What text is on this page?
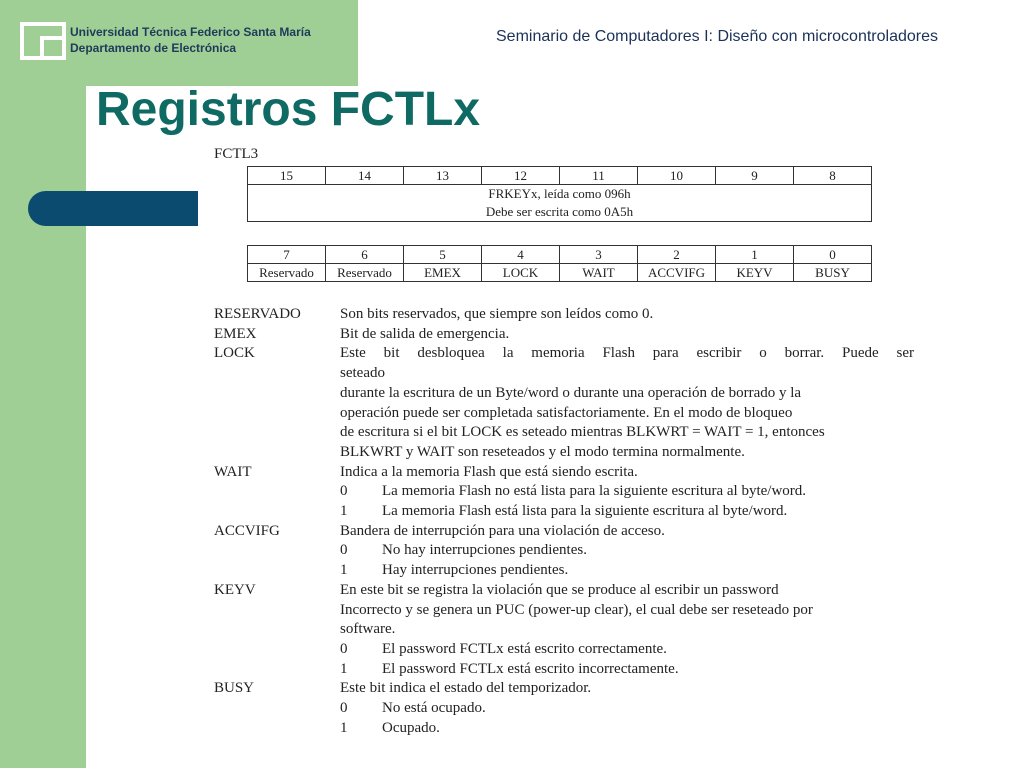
Universidad Técnica Federico Santa María
Departamento de Electrónica
Seminario de Computadores I: Diseño con microcontroladores
Registros FCTLx
FCTL3
15	14	13	12	11	10	9	8

FRKEYx, leída como 096h
Debe ser escrita como 0A5h
7	6	5	4	3	2	1	0
Reservado	Reservado	EMEX	LOCK	WAIT	ACCVIFG	KEYV	BUSY
RESERVADO	Son bits reservados, que siempre son leídos como 0.
EMEX	Bit de salida de emergencia.
LOCK	Este bit desbloquea la memoria Flash para escribir o borrar. Puede ser

seteado

durante la escritura de un Byte/word o durante una operación de borrado y la

operación puede ser completada satisfactoriamente. En el modo de bloqueo

de escritura si el bit LOCK es seteado mientras BLKWRT = WAIT = 1, entonces

BLKWRT y WAIT son reseteados y el modo termina normalmente.

WAIT	Indica a la memoria Flash que está siendo escrita.

0	La memoria Flash no está lista para la siguiente escritura al byte/word.
1	La memoria Flash está lista para la siguiente escritura al byte/word.
ACCVIFG	Bandera de interrupción para una violación de acceso.

0	No hay interrupciones pendientes.
1	Hay interrupciones pendientes.
KEYV	En este bit se registra la violación que se produce al escribir un password

Incorrecto y se genera un PUC (power-up clear), el cual debe ser reseteado por

software.

0	El password FCTLx está escrito correctamente.
1	El password FCTLx está escrito incorrectamente.
BUSY	Este bit indica el estado del temporizador.

0	No está ocupado.
1	Ocupado.
